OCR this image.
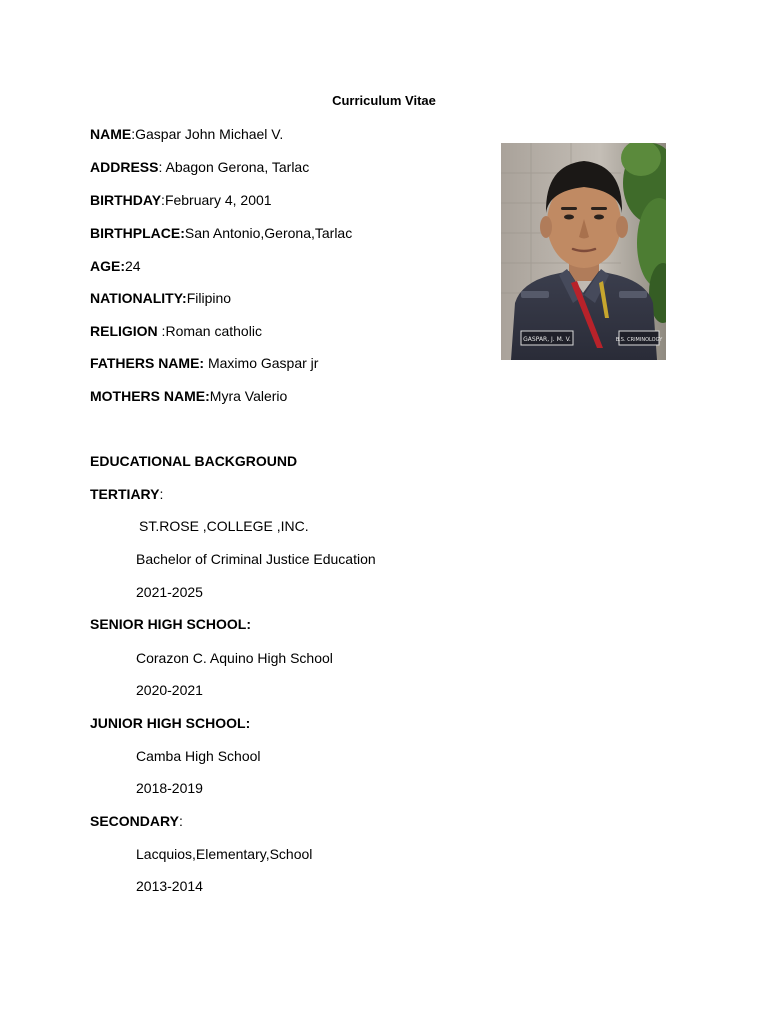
Curriculum Vitae
NAME:Gaspar John Michael V.
ADDRESS: Abagon Gerona, Tarlac
BIRTHDAY:February 4, 2001
BIRTHPLACE:San Antonio,Gerona,Tarlac
AGE:24
NATIONALITY:Filipino
RELIGION :Roman catholic
FATHERS NAME: Maximo Gaspar jr
MOTHERS NAME:Myra Valerio
GASPAR, J. M. V.	B.S. CRIMINOLOGY
EDUCATIONAL BACKGROUND
TERTIARY:
ST.ROSE ,COLLEGE ,INC.
Bachelor of Criminal Justice Education
2021-2025
SENIOR HIGH SCHOOL:
Corazon C. Aquino High School
2020-2021
JUNIOR HIGH SCHOOL:
Camba High School
2018-2019
SECONDARY:
Lacquios,Elementary,School
2013-2014
